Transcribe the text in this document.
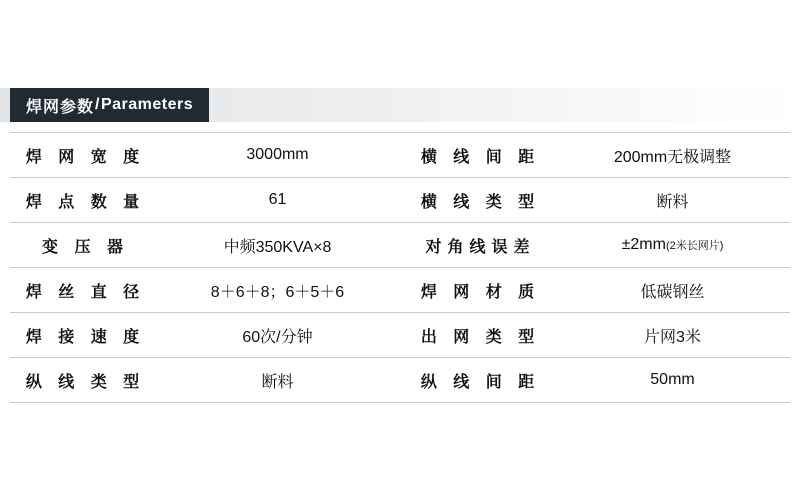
焊网参数 / Parameters
焊 网 宽 度	3000mm	横 线 间 距	200mm无极调整

焊 点 数 量	61	横 线 类 型	断料

变 压 器	中频350KVA×8	对角线误差	±2mm(2米长网片)

焊 丝 直 径	8＋6＋8；6＋5＋6	焊 网 材 质	低碳钢丝

焊 接 速 度	60次/分钟	出 网 类 型	片网3米

纵 线 类 型	断料	纵 线 间 距	50mm
